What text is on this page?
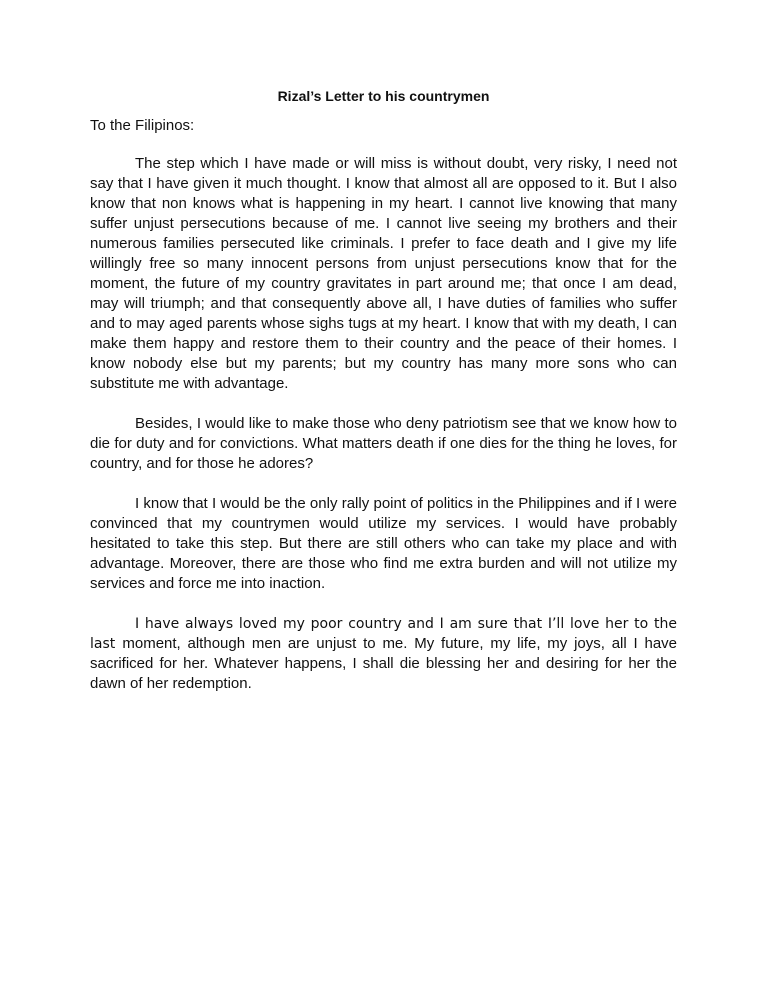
Rizal’s Letter to his countrymen
To the Filipinos:

The step which I have made or will miss is without doubt, very risky, I need not say that I have given it much thought. I know that almost all are opposed to it. But I also know that non knows what is happening in my heart. I cannot live knowing that many suffer unjust persecutions because of me. I cannot live seeing my brothers and their numerous families persecuted like criminals. I prefer to face death and I give my life willingly free so many innocent persons from unjust persecutions know that for the moment, the future of my country gravitates in part around me; that once I am dead, may will triumph; and that consequently above all, I have duties of families who suffer and to may aged parents whose sighs tugs at my heart. I know that with my death, I can make them happy and restore them to their country and the peace of their homes. I know nobody else but my parents; but my country has many more sons who can substitute me with advantage.

Besides, I would like to make those who deny patriotism see that we know how to die for duty and for convictions. What matters death if one dies for the thing he loves, for country, and for those he adores?

I know that I would be the only rally point of politics in the Philippines and if I were convinced that my countrymen would utilize my services. I would have probably hesitated to take this step. But there are still others who can take my place and with advantage. Moreover, there are those who find me extra burden and will not utilize my services and force me into inaction.

I have always loved my poor country and I am sure that I’ll love her to the last moment, although men are unjust to me. My future, my life, my joys, all I have sacrificed for her. Whatever happens, I shall die blessing her and desiring for her the dawn of her redemption.
